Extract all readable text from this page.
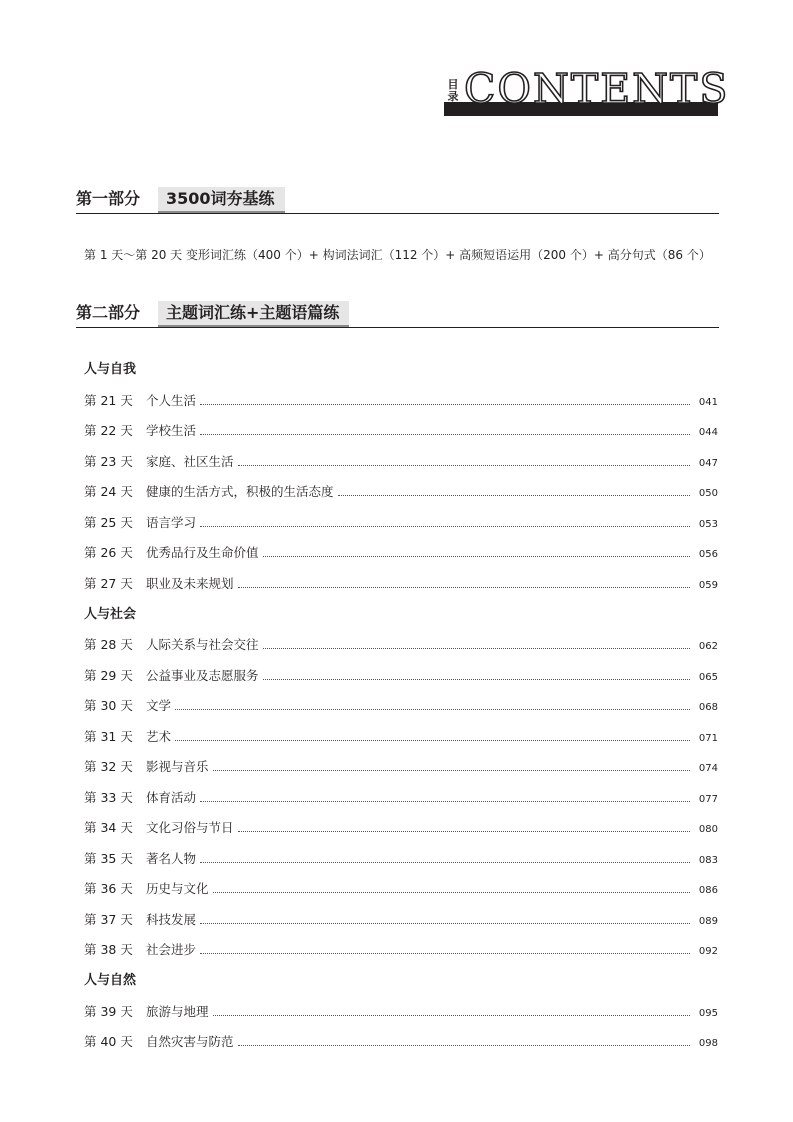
目录 CONTENTS
第一部分	3500词夯基练
第 1 天～第 20 天 变形词汇练（400 个）+ 构词法词汇（112 个）+ 高频短语运用（200 个）+ 高分句式（86 个）
第二部分	主题词汇练+主题语篇练
人与自我
第 21 天	个人生活	041
第 22 天	学校生活	044
第 23 天	家庭、社区生活	047
第 24 天	健康的生活方式，积极的生活态度	050
第 25 天	语言学习	053
第 26 天	优秀品行及生命价值	056
第 27 天	职业及未来规划	059
人与社会
第 28 天	人际关系与社会交往	062
第 29 天	公益事业及志愿服务	065
第 30 天	文学	068
第 31 天	艺术	071
第 32 天	影视与音乐	074
第 33 天	体育活动	077
第 34 天	文化习俗与节日	080
第 35 天	著名人物	083
第 36 天	历史与文化	086
第 37 天	科技发展	089
第 38 天	社会进步	092
人与自然
第 39 天	旅游与地理	095
第 40 天	自然灾害与防范	098
